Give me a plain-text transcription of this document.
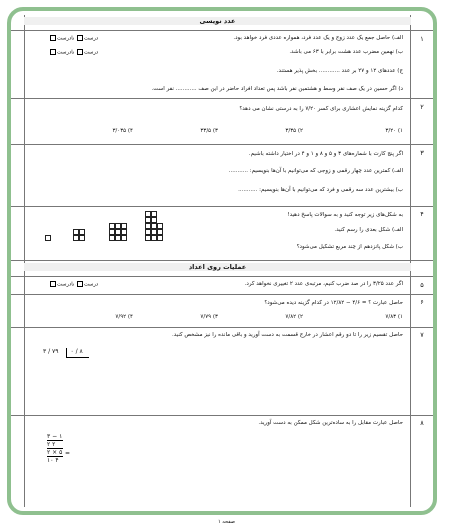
عدد نویسی
۱
الف) حاصل جمع یک عدد زوج و یک عدد فرد، همواره عددی فرد خواهد بود.
درست نادرست
ب) نهمین مضرب عدد هشت برابر با ۶۳ می باشد.
درست نادرست
ج) عددهای ۱۲ و ۲۷ بر عدد ............ بخش پذیر هستند.
د) اگر حسین در یک صف نفر وسط و هشتمین نفر باشد پس تعداد افراد حاضر در این صف ............ نفر است.
۲
کدام گزینه نمایش اعشاری برای کسر ۷/۲۰ را به درستی نشان می دهد؟
۱) ۳/۲۰
۲) ۳/۳۵
۳) ۳۳/۵
۴) ۳/۰۳۵
۳
اگر پنج کارت با شماره‌های ۳ و ۵ و ۸ و ۱ و ۴ در اختیار داشته باشیم.
الف) کمترین عدد چهار رقمی و زوجی که می‌توانیم با آن‌ها بنویسیم: ...........
ب) بیشترین عدد سه رقمی و فرد که می‌توانیم با آن‌ها بنویسیم: ...........
۴
به شکل‌های زیر توجه کنید و به سوالات پاسخ دهید!
الف) شکل بعدی را رسم کنید.
ب) شکل پانزدهم از چند مربع تشکیل می‌شود؟
عملیات روی اعداد
۵
اگر عدد ۳/۲۵ را در صد ضرب کنیم، مرتبه‌ی عدد ۲ تغییری نخواهد کرد.
درست نادرست
۶
حاصل عبارت ؟ = ۴/۶ − ۱۲/۸۲ در کدام گزینه دیده می‌شود؟
۱) ۷/۸۳
۲) ۷/۸۲
۳) ۷/۷۹
۴) ۷/۹۲
۷
حاصل تقسیم زیر را تا دو رقم اعشار در خارج قسمت به دست آورید و باقی مانده را نیز مشخص کنید.
۳ / ۷۹ ۰ / ۸
۸
حاصل عبارت مقابل را به ساده‌ترین شکل ممکن به دست آورید.
۳ − ۱
۲ ۲
۲ × ۵ =
۱۰ ۴
صفحه ۱
